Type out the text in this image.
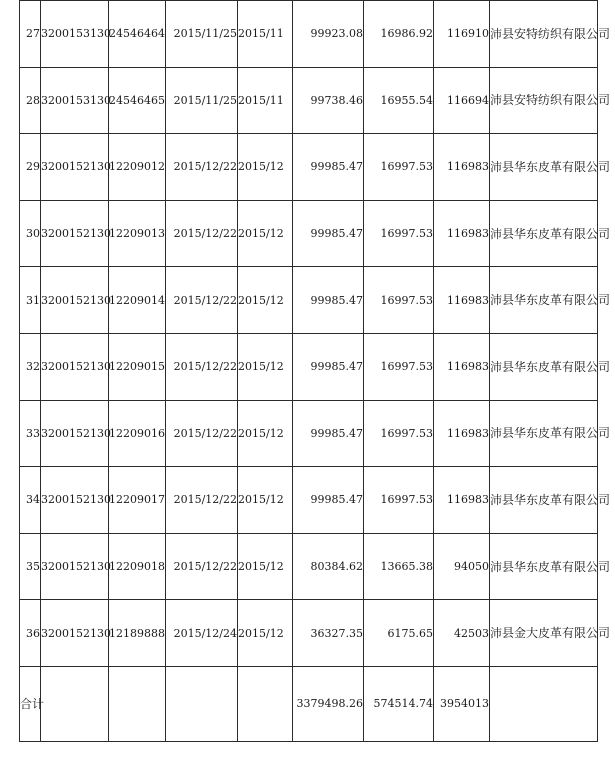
27	3200153130	24546464	2015/11/25	2015/11	99923.08	16986.92	116910	沛县安特纺织有限公司
28	3200153130	24546465	2015/11/25	2015/11	99738.46	16955.54	116694	沛县安特纺织有限公司
29	3200152130	12209012	2015/12/22	2015/12	99985.47	16997.53	116983	沛县华东皮革有限公司
30	3200152130	12209013	2015/12/22	2015/12	99985.47	16997.53	116983	沛县华东皮革有限公司
31	3200152130	12209014	2015/12/22	2015/12	99985.47	16997.53	116983	沛县华东皮革有限公司
32	3200152130	12209015	2015/12/22	2015/12	99985.47	16997.53	116983	沛县华东皮革有限公司
33	3200152130	12209016	2015/12/22	2015/12	99985.47	16997.53	116983	沛县华东皮革有限公司
34	3200152130	12209017	2015/12/22	2015/12	99985.47	16997.53	116983	沛县华东皮革有限公司
35	3200152130	12209018	2015/12/22	2015/12	80384.62	13665.38	94050	沛县华东皮革有限公司
36	3200152130	12189888	2015/12/24	2015/12	36327.35	6175.65	42503	沛县金大皮革有限公司
合计					3379498.26	574514.74	3954013	
